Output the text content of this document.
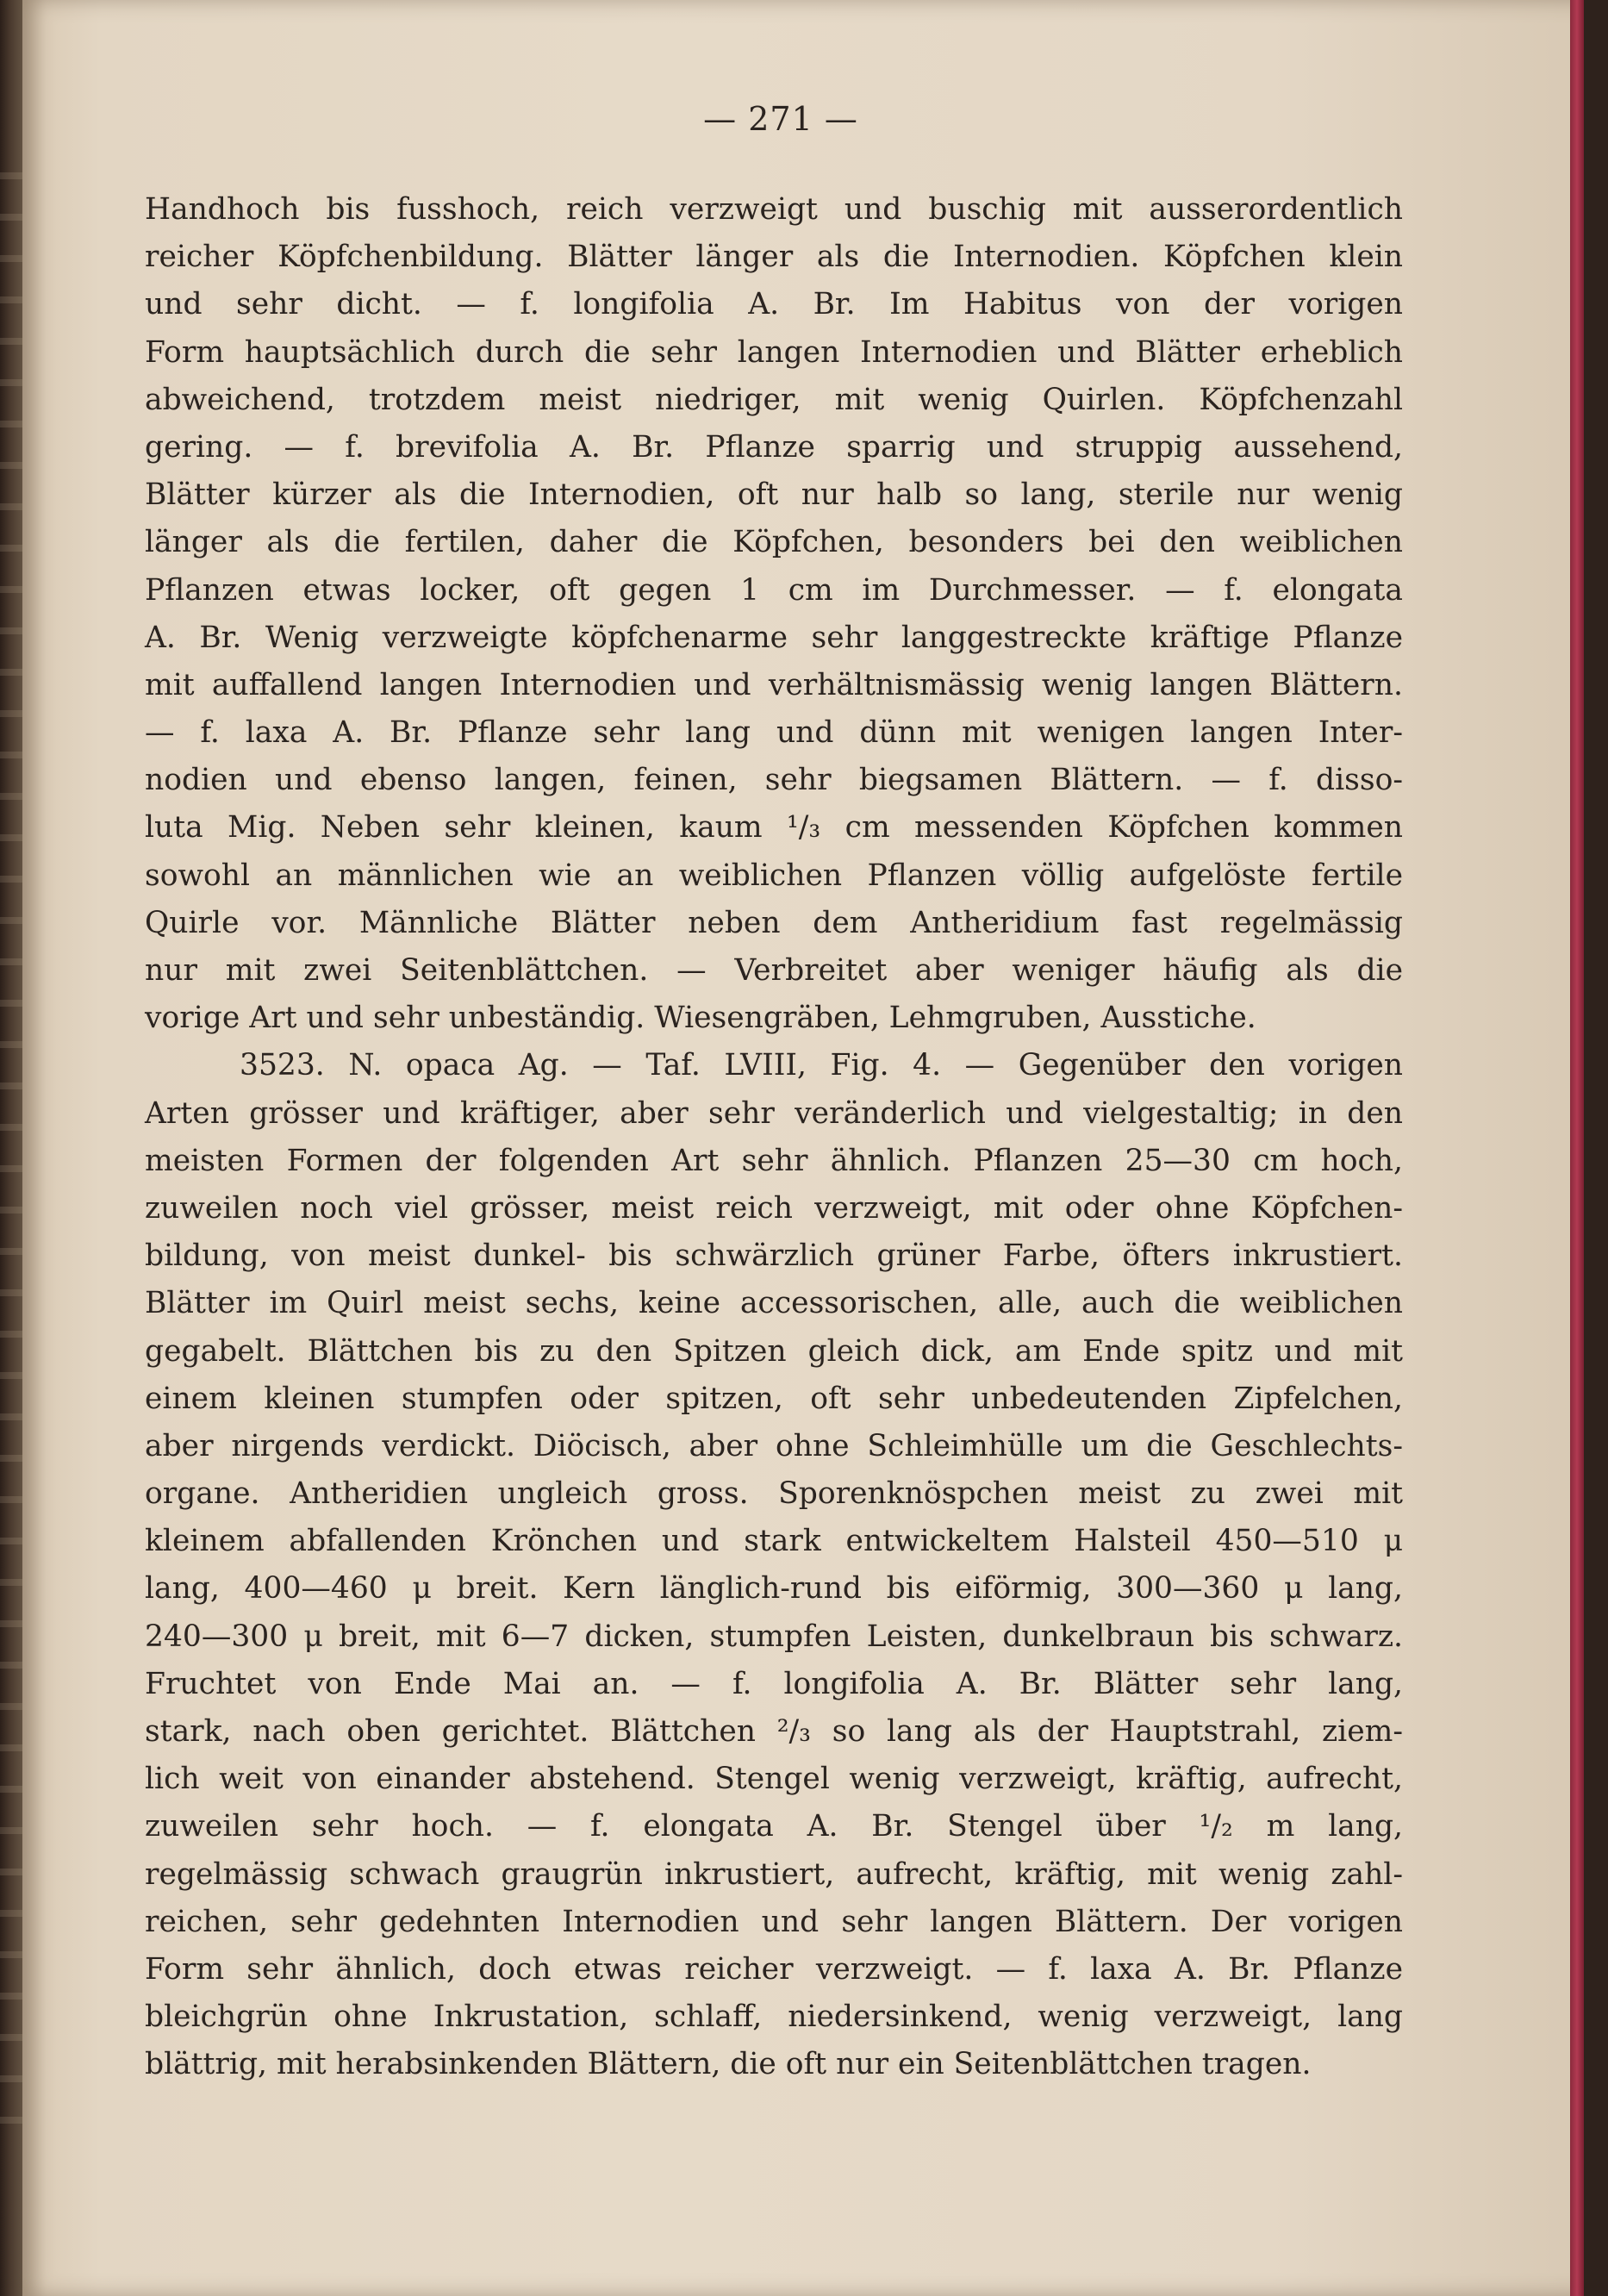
— 271 —
Handhoch bis fusshoch, reich verzweigt und buschig mit ausserordentlich
reicher Köpfchenbildung. Blätter länger als die Internodien. Köpfchen klein
und sehr dicht. — f. longifolia A. Br. Im Habitus von der vorigen
Form hauptsächlich durch die sehr langen Internodien und Blätter erheblich
abweichend, trotzdem meist niedriger, mit wenig Quirlen. Köpfchenzahl
gering. — f. brevifolia A. Br. Pflanze sparrig und struppig aussehend,
Blätter kürzer als die Internodien, oft nur halb so lang, sterile nur wenig
länger als die fertilen, daher die Köpfchen, besonders bei den weiblichen
Pflanzen etwas locker, oft gegen 1 cm im Durchmesser. — f. elongata
A. Br. Wenig verzweigte köpfchenarme sehr langgestreckte kräftige Pflanze
mit auffallend langen Internodien und verhältnismässig wenig langen Blättern.
— f. laxa A. Br. Pflanze sehr lang und dünn mit wenigen langen Inter-
nodien und ebenso langen, feinen, sehr biegsamen Blättern. — f. disso-
luta Mig. Neben sehr kleinen, kaum ¹/₃ cm messenden Köpfchen kommen
sowohl an männlichen wie an weiblichen Pflanzen völlig aufgelöste fertile
Quirle vor. Männliche Blätter neben dem Antheridium fast regelmässig
nur mit zwei Seitenblättchen. — Verbreitet aber weniger häufig als die
vorige Art und sehr unbeständig. Wiesengräben, Lehmgruben, Ausstiche.
3523. N. opaca Ag. — Taf. LVIII, Fig. 4. — Gegenüber den vorigen
Arten grösser und kräftiger, aber sehr veränderlich und vielgestaltig; in den
meisten Formen der folgenden Art sehr ähnlich. Pflanzen 25—30 cm hoch,
zuweilen noch viel grösser, meist reich verzweigt, mit oder ohne Köpfchen-
bildung, von meist dunkel- bis schwärzlich grüner Farbe, öfters inkrustiert.
Blätter im Quirl meist sechs, keine accessorischen, alle, auch die weiblichen
gegabelt. Blättchen bis zu den Spitzen gleich dick, am Ende spitz und mit
einem kleinen stumpfen oder spitzen, oft sehr unbedeutenden Zipfelchen,
aber nirgends verdickt. Diöcisch, aber ohne Schleimhülle um die Geschlechts-
organe. Antheridien ungleich gross. Sporenknöspchen meist zu zwei mit
kleinem abfallenden Krönchen und stark entwickeltem Halsteil 450—510 μ
lang, 400—460 μ breit. Kern länglich-rund bis eiförmig, 300—360 μ lang,
240—300 μ breit, mit 6—7 dicken, stumpfen Leisten, dunkelbraun bis schwarz.
Fruchtet von Ende Mai an. — f. longifolia A. Br. Blätter sehr lang,
stark, nach oben gerichtet. Blättchen ²/₃ so lang als der Hauptstrahl, ziem-
lich weit von einander abstehend. Stengel wenig verzweigt, kräftig, aufrecht,
zuweilen sehr hoch. — f. elongata A. Br. Stengel über ¹/₂ m lang,
regelmässig schwach graugrün inkrustiert, aufrecht, kräftig, mit wenig zahl-
reichen, sehr gedehnten Internodien und sehr langen Blättern. Der vorigen
Form sehr ähnlich, doch etwas reicher verzweigt. — f. laxa A. Br. Pflanze
bleichgrün ohne Inkrustation, schlaff, niedersinkend, wenig verzweigt, lang
blättrig, mit herabsinkenden Blättern, die oft nur ein Seitenblättchen tragen.
